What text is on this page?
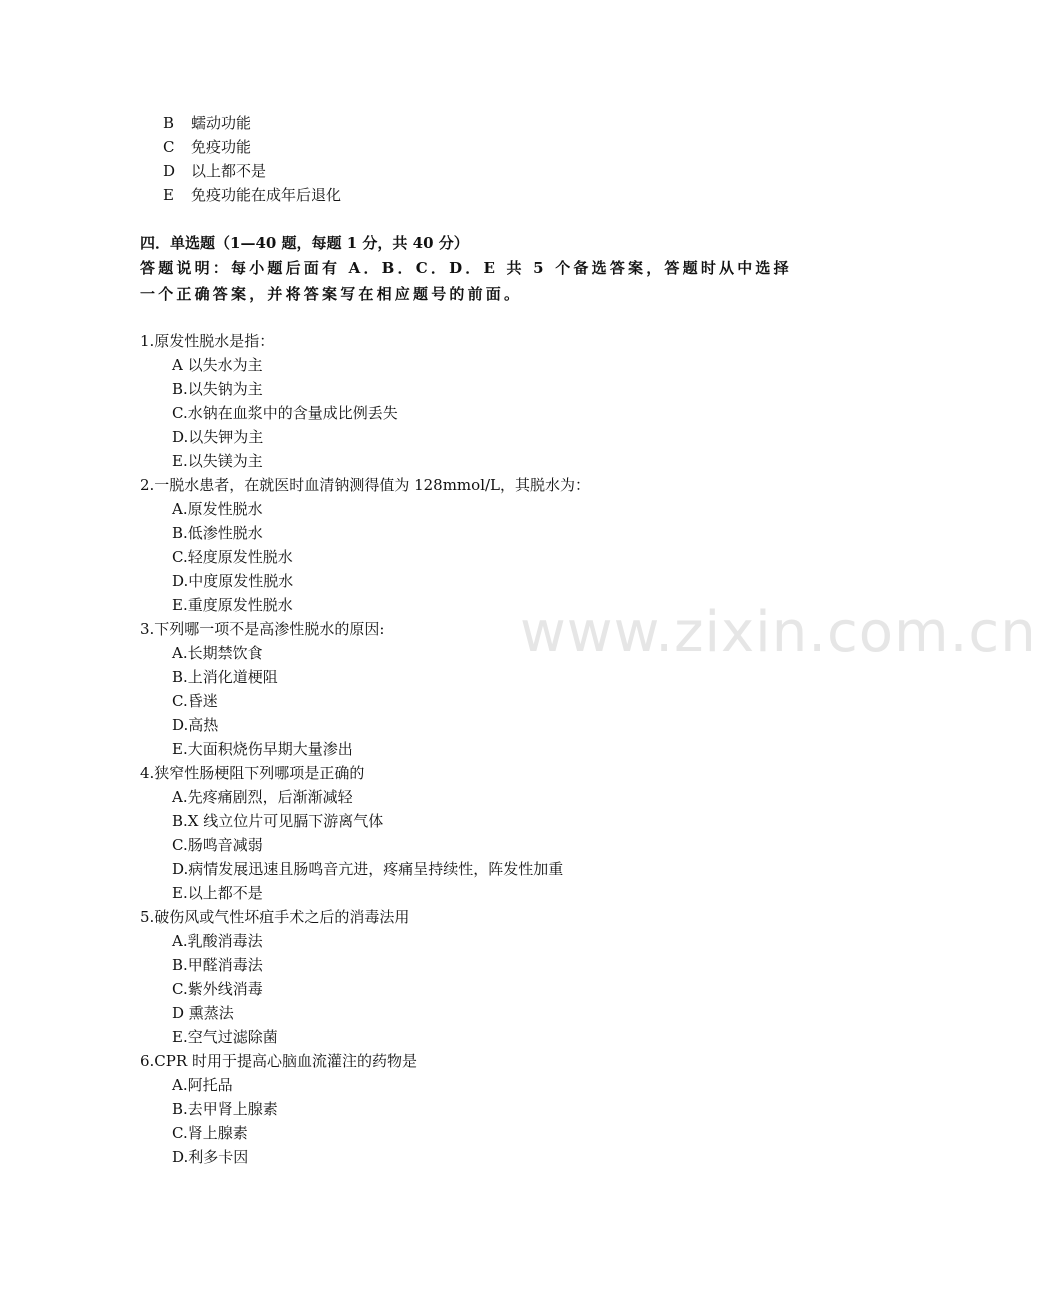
B 蠕动功能
C 免疫功能
D 以上都不是
E 免疫功能在成年后退化
四．单选题（1—40 题，每题 1 分，共 40 分）
答题说明：每小题后面有 A．B．C．D．E 共 5 个备选答案，答题时从中选择
一个正确答案，并将答案写在相应题号的前面。
1.原发性脱水是指：
A 以失水为主
B.以失钠为主
C.水钠在血浆中的含量成比例丢失
D.以失钾为主
E.以失镁为主
2.一脱水患者，在就医时血清钠测得值为 128mmol/L，其脱水为：
A.原发性脱水
B.低渗性脱水
C.轻度原发性脱水
D.中度原发性脱水
E.重度原发性脱水
3.下列哪一项不是高渗性脱水的原因:
A.长期禁饮食
B.上消化道梗阻
C.昏迷
D.高热
E.大面积烧伤早期大量渗出
4.狭窄性肠梗阻下列哪项是正确的
A.先疼痛剧烈，后渐渐减轻
B.X 线立位片可见膈下游离气体
C.肠鸣音减弱
D.病情发展迅速且肠鸣音亢进，疼痛呈持续性，阵发性加重
E.以上都不是
5.破伤风或气性坏疽手术之后的消毒法用
A.乳酸消毒法
B.甲醛消毒法
C.紫外线消毒
D 熏蒸法
E.空气过滤除菌
6.CPR 时用于提高心脑血流灌注的药物是
A.阿托品
B.去甲肾上腺素
C.肾上腺素
D.利多卡因
www.zixin.com.cn
